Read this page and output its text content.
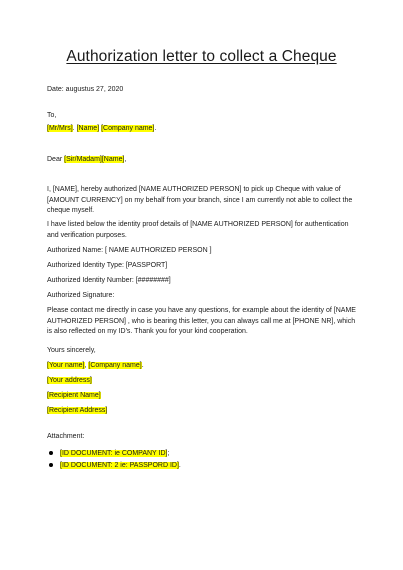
Authorization letter to collect a Cheque
Date: augustus 27, 2020
To,
[Mr/Mrs]. [Name] [Company name].
Dear [Sir/Madam][Name],
I, [NAME], hereby authorized [NAME AUTHORIZED PERSON] to pick up Cheque with value of [AMOUNT CURRENCY] on my behalf from your branch, since I am currently not able to collect the cheque myself.
I have listed below the identity proof details of [NAME AUTHORIZED PERSON] for authentication and verification purposes.
Authorized Name: [ NAME AUTHORIZED PERSON ]
Authorized Identity Type: [PASSPORT]
Authorized Identity Number: [########]
Authorized Signature:
Please contact me directly in case you have any questions, for example about the identity of [NAME AUTHORIZED PERSON] , who is bearing this letter, you can always call me at [PHONE NR], which is also reflected on my ID's. Thank you for your kind cooperation.
Yours sincerely,
[Your name], [Company name].
[Your address]
[Recipient Name]
[Recipient Address]
Attachment:
[ID DOCUMENT: ie COMPANY ID];
[ID DOCUMENT: 2 ie: PASSPORD ID].
